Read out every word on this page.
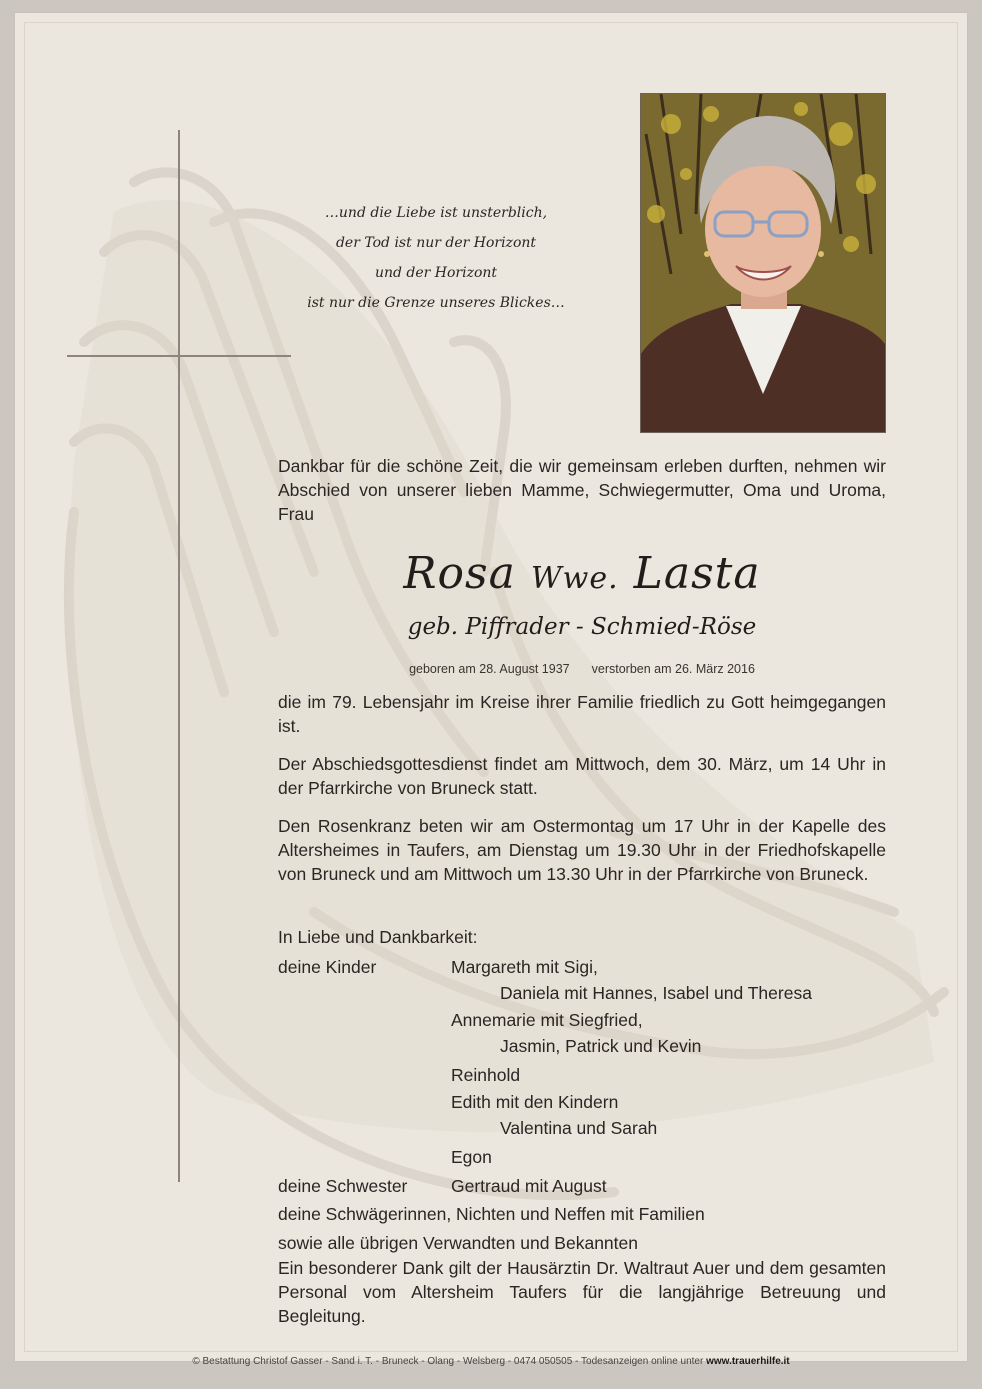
…und die Liebe ist unsterblich,
der Tod ist nur der Horizont
und der Horizont
ist nur die Grenze unseres Blickes…
Dankbar für die schöne Zeit, die wir gemeinsam erleben durften, nehmen wir Abschied von unserer lieben Mamme, Schwiegermutter, Oma und Uroma, Frau
Rosa Wwe. Lasta
geb. Piffrader - Schmied-Röse
geboren am 28. August 1937 verstorben am 26. März 2016
die im 79. Lebensjahr im Kreise ihrer Familie friedlich zu Gott heimgegangen ist.
Der Abschiedsgottesdienst findet am Mittwoch, dem 30. März, um 14 Uhr in der Pfarrkirche von Bruneck statt.
Den Rosenkranz beten wir am Ostermontag um 17 Uhr in der Kapelle des Altersheimes in Taufers, am Dienstag um 19.30 Uhr in der Friedhofskapelle von Bruneck und am Mittwoch um 13.30 Uhr in der Pfarrkirche von Bruneck.
In Liebe und Dankbarkeit:
deine Kinder	Margareth mit Sigi,
Daniela mit Hannes, Isabel und Theresa
Annemarie mit Siegfried,
Jasmin, Patrick und Kevin
Reinhold
Edith mit den Kindern
Valentina und Sarah
Egon
deine Schwester Gertraud mit August
deine Schwägerinnen, Nichten und Neffen mit Familien
sowie alle übrigen Verwandten und Bekannten
Ein besonderer Dank gilt der Hausärztin Dr. Waltraut Auer und dem gesamten Personal vom Altersheim Taufers für die langjährige Betreuung und Begleitung.
© Bestattung Christof Gasser - Sand i. T. - Bruneck - Olang - Welsberg - 0474 050505 - Todesanzeigen online unter www.trauerhilfe.it
